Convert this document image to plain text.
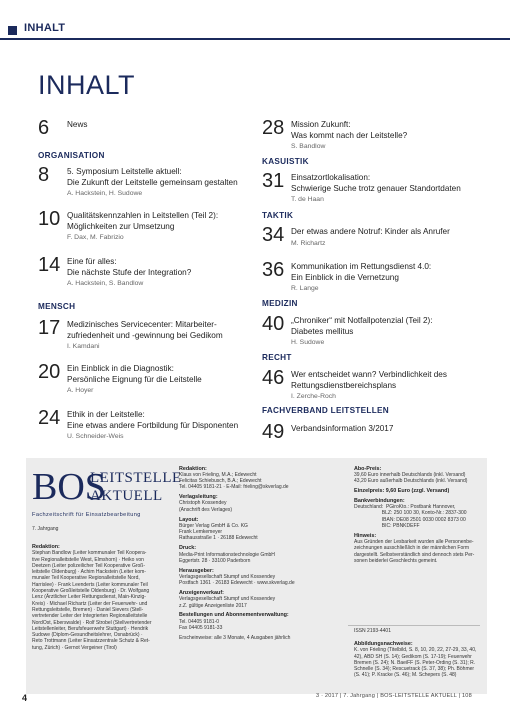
INHALT
INHALT
6 News
ORGANISATION
8 5. Symposium Leitstelle aktuell:
Die Zukunft der Leitstelle gemeinsam gestalten
A. Hackstein, H. Sudowe
10 Qualitätskennzahlen in Leitstellen (Teil 2):
Möglichkeiten zur Umsetzung
F. Dax, M. Fabrizio
14 Eine für alles:
Die nächste Stufe der Integration?
A. Hackstein, S. Bandlow
MENSCH
17 Medizinisches Servicecenter: Mitarbeiter-
zufriedenheit und -gewinnung bei Gedikom
I. Kamdani
20 Ein Einblick in die Diagnostik:
Persönliche Eignung für die Leitstelle
A. Hoyer
24 Ethik in der Leitstelle:
Eine etwas andere Fortbildung für Disponenten
U. Schneider-Weis
28 Mission Zukunft:
Was kommt nach der Leitstelle?
S. Bandlow
KASUISTIK
31 Einsatzortlokalisation:
Schwierige Suche trotz genauer Standortdaten
T. de Haan
TAKTIK
34 Der etwas andere Notruf: Kinder als Anrufer
M. Richartz
36 Kommunikation im Rettungsdienst 4.0:
Ein Einblick in die Vernetzung
R. Lange
MEDIZIN
40 „Chroniker“ mit Notfallpotenzial (Teil 2):
Diabetes mellitus
H. Sudowe
RECHT
46 Wer entscheidet wann? Verbindlichkeit des
Rettungsdienstbereichsplans
I. Zerche-Roch
FACHVERBAND LEITSTELLEN
49 Verbandsinformation 3/2017
BOS
LEITSTELLE
AKTUELL
Fachzeitschrift für Einsatzbearbeitung
7. Jahrgang
Redaktion:
Stephan Bandlow (Leiter kommunaler Teil Koopera-
tive Regionalleitstelle West, Elmshorn) · Heiko von
Deetzen (Leiter polizeilicher Teil Kooperative Groß-
leitstelle Oldenburg) · Achim Hackstein (Leiter kom-
munaler Teil Kooperative Regionalleitstelle Nord,
Harrislee) · Frank Leenderts (Leiter kommunaler Teil
Kooperative Großleitstelle Oldenburg) · Dr. Wolfgang
Lenz (Ärztlicher Leiter Rettungsdienst, Main-Kinzig-
Kreis) · Michael Richartz (Leiter der Feuerwehr- und
Rettungsleitstelle, Bremen) · Daniel Sievers (Stell-
vertretender Leiter der Integrierten Regionalleitstelle
NordOst, Eberswalde) · Rolf Strobel (Stellvertretender
Leitstellenleiter, Berufsfeuerwehr Stuttgart) · Hendrik
Sudowe (Diplom-Gesundheitslehrer, Osnabrück) ·
Reto Trottmann (Leiter Einsatzzentrale Schutz & Ret-
tung, Zürich) · Gernot Vergeiner (Tirol)
Redaktion:
Klaus von Frieling, M.A.; Edewecht
Felicitas Schiebusch, B.A.; Edewecht
Tel. 04405 9181-21 · E-Mail: frieling@skverlag.de
Verlagsleitung:
Christoph Kossendey
(Anschrift des Verlages)
Layout:
Bürger Verlag GmbH & Co. KG
Frank Lemkemeyer
Rathausstraße 1 · 26188 Edewecht
Druck:
Media-Print Informationstechnologie GmbH
Eggertstr. 28 · 33100 Paderborn
Herausgeber:
Verlagsgesellschaft Stumpf und Kossendey
Postfach 1361 · 26183 Edewecht · www.skverlag.de
Anzeigenverkauf:
Verlagsgesellschaft Stumpf und Kossendey
z.Z. gültige Anzeigenliste 2017
Bestellungen und Abonnementverwaltung:
Tel. 04405 9181-0
Fax 04405 9181-33
Erscheinweise: alle 3 Monate, 4 Ausgaben jährlich
Abo-Preis:
39,60 Euro innerhalb Deutschlands (inkl. Versand)
43,20 Euro außerhalb Deutschlands (inkl. Versand)
Einzelpreis: 9,60 Euro (zzgl. Versand)
Bankverbindungen:
Deutschland:  PGiroKto.: Postbank Hannover,
BLZ: 250 100 30, Konto-Nr.: 2837-300
IBAN: DE08 2501 0030 0002 8373 00
BIC: PBNKDEFF
Hinweis:
Aus Gründen der Lesbarkeit wurden alle Personenbe-
zeichnungen ausschließlich in der männlichen Form
dargestellt. Selbstverständlich sind dennoch stets Per-
sonen beiderlei Geschlechts gemeint.
ISSN 2193-4401
Abbildungsnachweise:
K. von Frieling (Titelbild, S. 8, 10, 20, 22, 27-29, 33, 40,
42), ABD SH (S. 14); Gedikom (S. 17-19); Feuerwehr
Bremen (S. 24); N. BaeiFF (S. Peter-Ording (S. 31); R.
Schnelle (S. 34); Rescuetrack (S. 37, 38); Ph. Böhmer
(S. 41); P. Kracke (S. 46); M. Schepers (S. 48)
4	3 · 2017 | 7. Jahrgang | BOS-LEITSTELLE AKTUELL | 108
